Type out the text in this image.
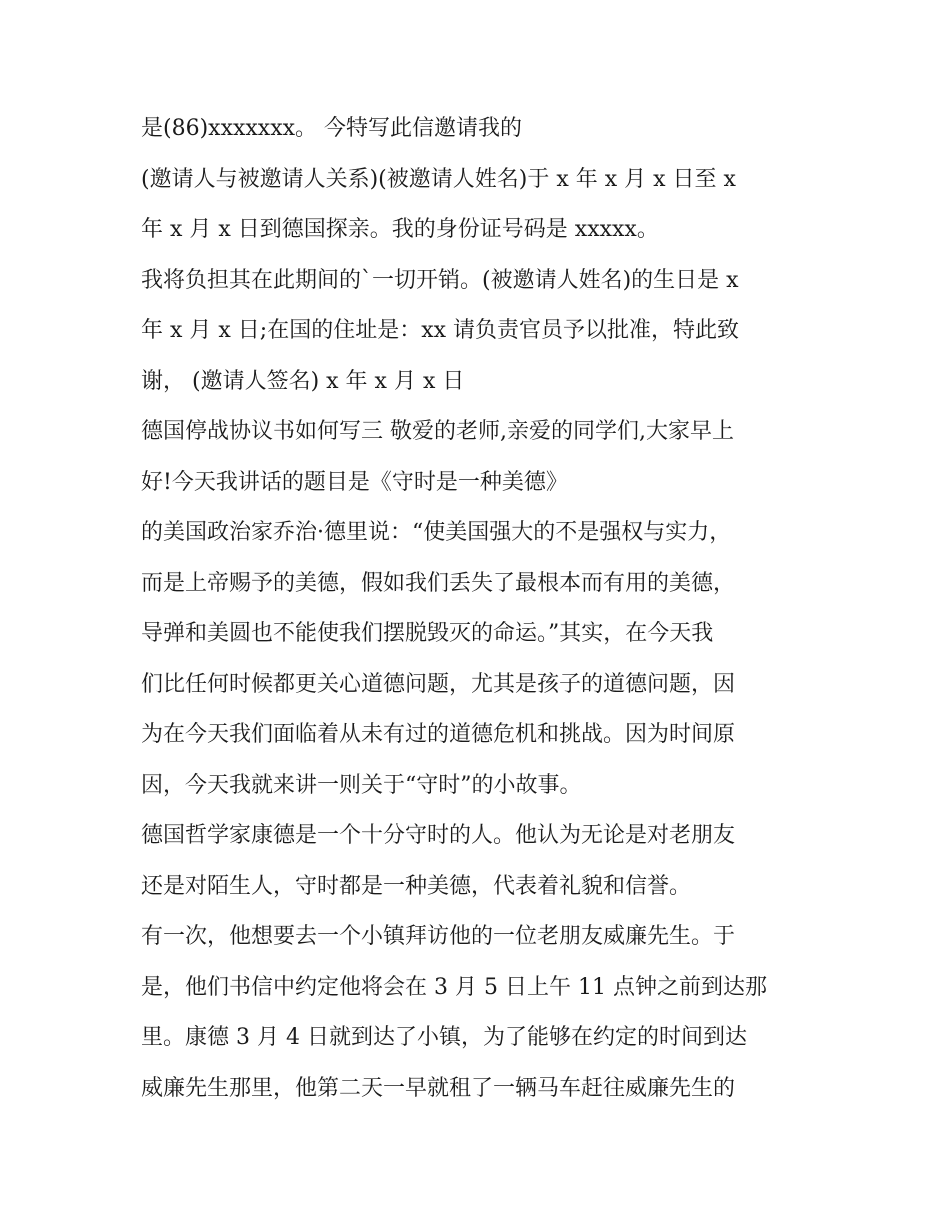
是(86)xxxxxxx。 今特写此信邀请我的
(邀请人与被邀请人关系)(被邀请人姓名)于 x 年 x 月 x 日至 x
年 x 月 x 日到德国探亲。我的身份证号码是 xxxxx。
我将负担其在此期间的`一切开销。(被邀请人姓名)的生日是 x
年 x 月 x 日;在国的住址是：xx 请负责官员予以批准，特此致
谢， (邀请人签名) x 年 x 月 x 日
德国停战协议书如何写三 敬爱的老师,亲爱的同学们,大家早上
好!今天我讲话的题目是《守时是一种美德》
的美国政治家乔治·德里说：“使美国强大的不是强权与实力，
而是上帝赐予的美德，假如我们丢失了最根本而有用的美德，
导弹和美圆也不能使我们摆脱毁灭的命运。”其实，在今天我
们比任何时候都更关心道德问题，尤其是孩子的道德问题，因
为在今天我们面临着从未有过的道德危机和挑战。因为时间原
因，今天我就来讲一则关于“守时”的小故事。
德国哲学家康德是一个十分守时的人。他认为无论是对老朋友
还是对陌生人，守时都是一种美德，代表着礼貌和信誉。
有一次，他想要去一个小镇拜访他的一位老朋友威廉先生。于
是，他们书信中约定他将会在 3 月 5 日上午 11 点钟之前到达那
里。康德 3 月 4 日就到达了小镇，为了能够在约定的时间到达
威廉先生那里，他第二天一早就租了一辆马车赶往威廉先生的
